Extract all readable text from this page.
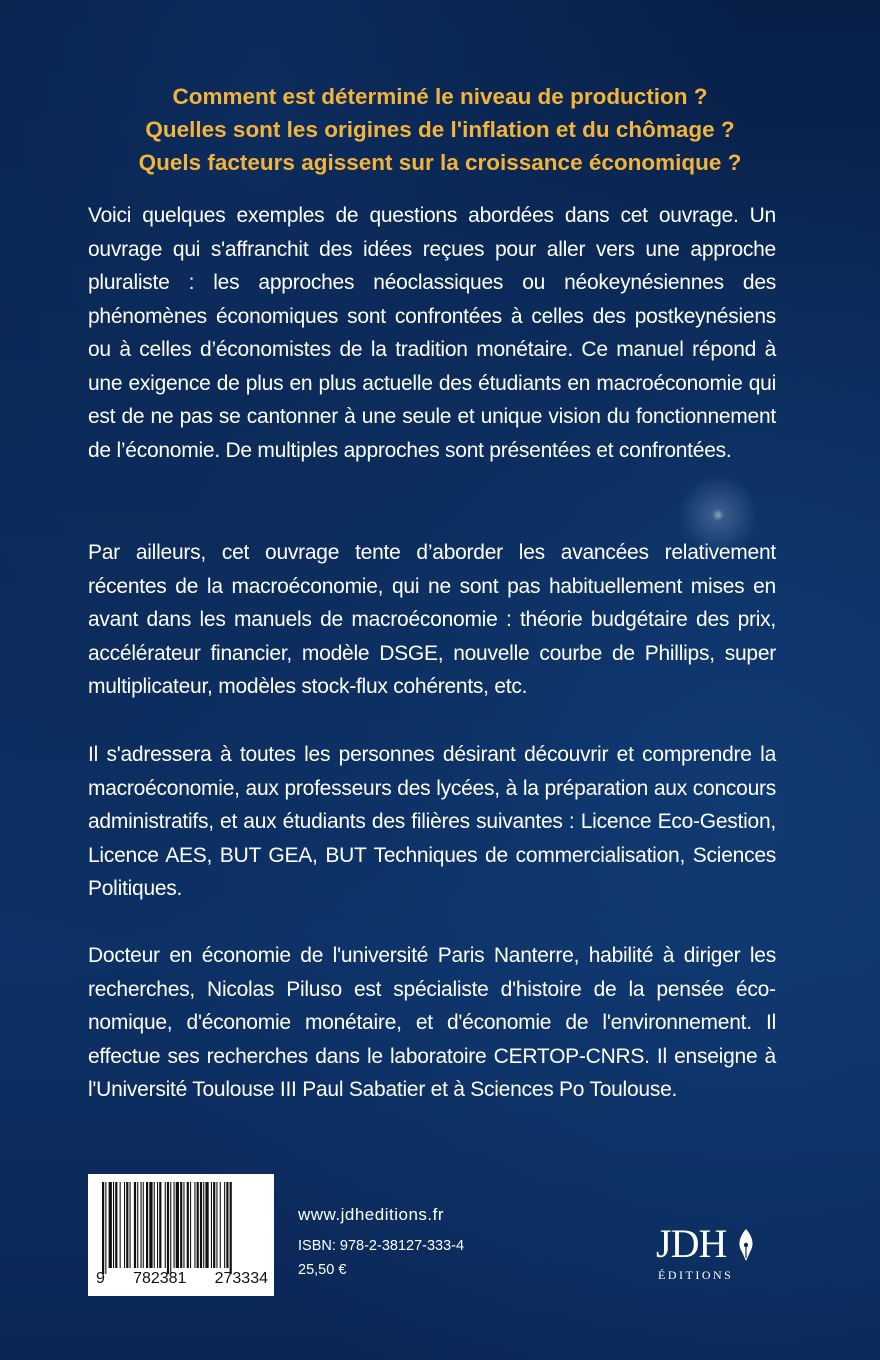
Comment est déterminé le niveau de production ?
Quelles sont les origines de l'inflation et du chômage ?
Quels facteurs agissent sur la croissance économique ?

Voici quelques exemples de questions abordées dans cet ouvrage. Un ouvrage qui s'affranchit des idées reçues pour aller vers une approche pluraliste : les approches néoclassiques ou néokeynésiennes des phénomènes économiques sont confrontées à celles des postkeynésiens ou à celles d’économistes de la tradition monétaire. Ce manuel répond à une exigence de plus en plus actuelle des étudiants en macroéconomie qui est de ne pas se cantonner à une seule et unique vision du fonctionnement de l’économie. De multiples approches sont présentées et confrontées.

Par ailleurs, cet ouvrage tente d’aborder les avancées relativement récentes de la macroéconomie, qui ne sont pas habituellement mises en avant dans les manuels de macroéconomie : théorie budgétaire des prix, accélérateur financier, modèle DSGE, nouvelle courbe de Phillips, super multiplicateur, modèles stock-flux cohérents, etc.

Il s'adressera à toutes les personnes désirant découvrir et comprendre la macroéconomie, aux professeurs des lycées, à la préparation aux concours administratifs, et aux étudiants des filières suivantes : Licence Eco-Gestion, Licence AES, BUT GEA, BUT Techniques de commercialisation, Sciences Politiques.

Docteur en économie de l'université Paris Nanterre, habilité à diriger les recherches, Nicolas Piluso est spécialiste d'histoire de la pensée économique, d'économie monétaire, et d'économie de l'environnement. Il effectue ses recherches dans le laboratoire CERTOP-CNRS. Il enseigne à l'Université Toulouse III Paul Sabatier et à Sciences Po Toulouse.

9 782381 273334
www.jdheditions.fr
ISBN: 978-2-38127-333-4
25,50 €
JDH
ÉDITIONS
